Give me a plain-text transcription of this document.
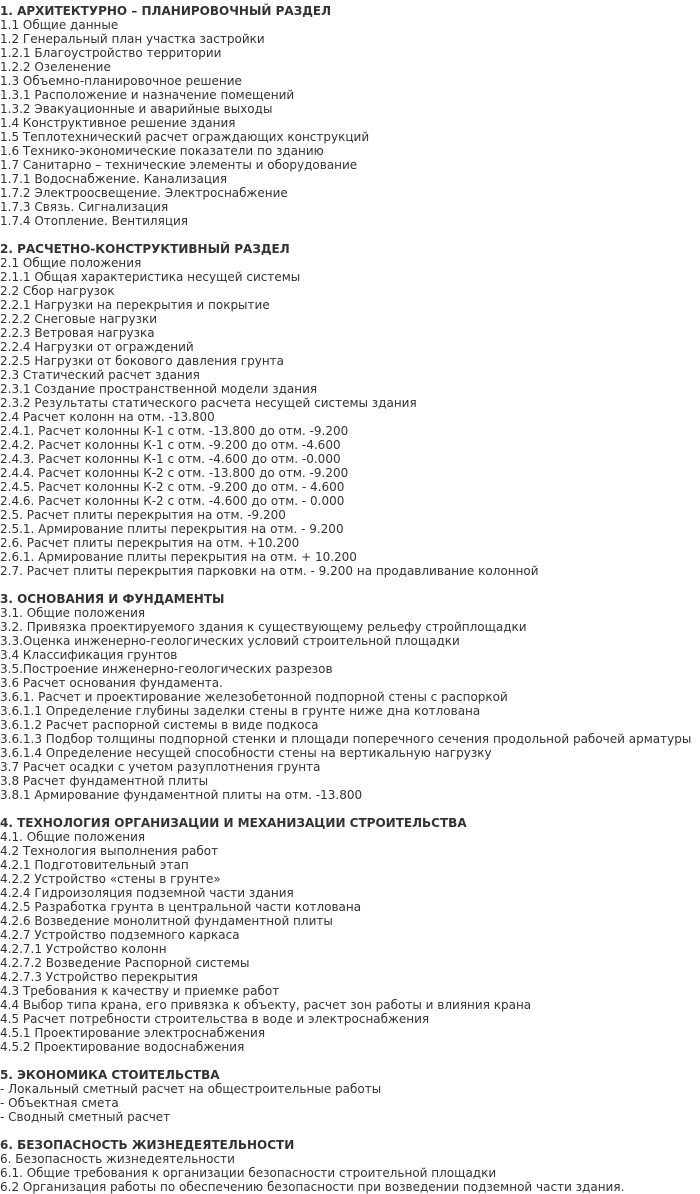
1. АРХИТЕКТУРНО – ПЛАНИРОВОЧНЫЙ РАЗДЕЛ
1.1 Общие данные
1.2 Генеральный план участка застройки
1.2.1 Благоустройство территории
1.2.2 Озеленение
1.3 Объемно-планировочное решение
1.3.1 Расположение и назначение помещений
1.3.2 Эвакуационные и аварийные выходы
1.4 Конструктивное решение здания
1.5 Теплотехнический расчет ограждающих конструкций
1.6 Технико-экономические показатели по зданию
1.7 Санитарно – технические элементы и оборудование
1.7.1 Водоснабжение. Канализация
1.7.2 Электроосвещение. Электроснабжение
1.7.3 Связь. Сигнализация
1.7.4 Отопление. Вентиляция
2. РАСЧЕТНО-КОНСТРУКТИВНЫЙ РАЗДЕЛ
2.1 Общие положения
2.1.1 Общая характеристика несущей системы
2.2 Сбор нагрузок
2.2.1 Нагрузки на перекрытия и покрытие
2.2.2 Снеговые нагрузки
2.2.3 Ветровая нагрузка
2.2.4 Нагрузки от ограждений
2.2.5 Нагрузки от бокового давления грунта
2.3 Статический расчет здания
2.3.1 Создание пространственной модели здания
2.3.2 Результаты статического расчета несущей системы здания
2.4 Расчет колонн на отм. -13.800
2.4.1. Расчет колонны К-1 с отм. -13.800 до отм. -9.200
2.4.2. Расчет колонны К-1 с отм. -9.200 до отм. -4.600
2.4.3. Расчет колонны К-1 с отм. -4.600 до отм. -0.000
2.4.4. Расчет колонны К-2 с отм. -13.800 до отм. -9.200
2.4.5. Расчет колонны К-2 с отм. -9.200 до отм. - 4.600
2.4.6. Расчет колонны К-2 с отм. -4.600 до отм. - 0.000
2.5. Расчет плиты перекрытия на отм. -9.200
2.5.1. Армирование плиты перекрытия на отм. - 9.200
2.6. Расчет плиты перекрытия на отм. +10.200
2.6.1. Армирование плиты перекрытия на отм. + 10.200
2.7. Расчет плиты перекрытия парковки на отм. - 9.200 на продавливание колонной
3. ОСНОВАНИЯ И ФУНДАМЕНТЫ
3.1. Общие положения
3.2. Привязка проектируемого здания к существующему рельефу стройплощадки
3.3.Оценка инженерно-геологических условий строительной площадки
3.4 Классификация грунтов
3.5.Построение инженерно-геологических разрезов
3.6 Расчет основания фундамента.
3.6.1. Расчет и проектирование железобетонной подпорной стены с распоркой
3.6.1.1 Определение глубины заделки стены в грунте ниже дна котлована
3.6.1.2 Расчет распорной системы в виде подкоса
3.6.1.3 Подбор толщины подпорной стенки и площади поперечного сечения продольной рабочей арматуры
3.6.1.4 Определение несущей способности стены на вертикальную нагрузку
3.7 Расчет осадки с учетом разуплотнения грунта
3.8 Расчет фундаментной плиты
3.8.1 Армирование фундаментной плиты на отм. -13.800
4. ТЕХНОЛОГИЯ ОРГАНИЗАЦИИ И МЕХАНИЗАЦИИ СТРОИТЕЛЬСТВА
4.1. Общие положения
4.2 Технология выполнения работ
4.2.1 Подготовительный этап
4.2.2 Устройство «стены в грунте»
4.2.4 Гидроизоляция подземной части здания
4.2.5 Разработка грунта в центральной части котлована
4.2.6 Возведение монолитной фундаментной плиты
4.2.7 Устройство подземного каркаса
4.2.7.1 Устройство колонн
4.2.7.2 Возведение Распорной системы
4.2.7.3 Устройство перекрытия
4.3 Требования к качеству и приемке работ
4.4 Выбор типа крана, его привязка к объекту, расчет зон работы и влияния крана
4.5 Расчет потребности строительства в воде и электроснабжения
4.5.1 Проектирование электроснабжения
4.5.2 Проектирование водоснабжения
5. ЭКОНОМИКА СТОИТЕЛЬСТВА
- Локальный сметный расчет на общестроительные работы
- Объектная смета
- Сводный сметный расчет
6. БЕЗОПАСНОСТЬ ЖИЗНЕДЕЯТЕЛЬНОСТИ
6. Безопасность жизнедеятельности
6.1. Общие требования к организации безопасности строительной площадки
6.2 Организация работы по обеспечению безопасности при возведении подземной части здания.
